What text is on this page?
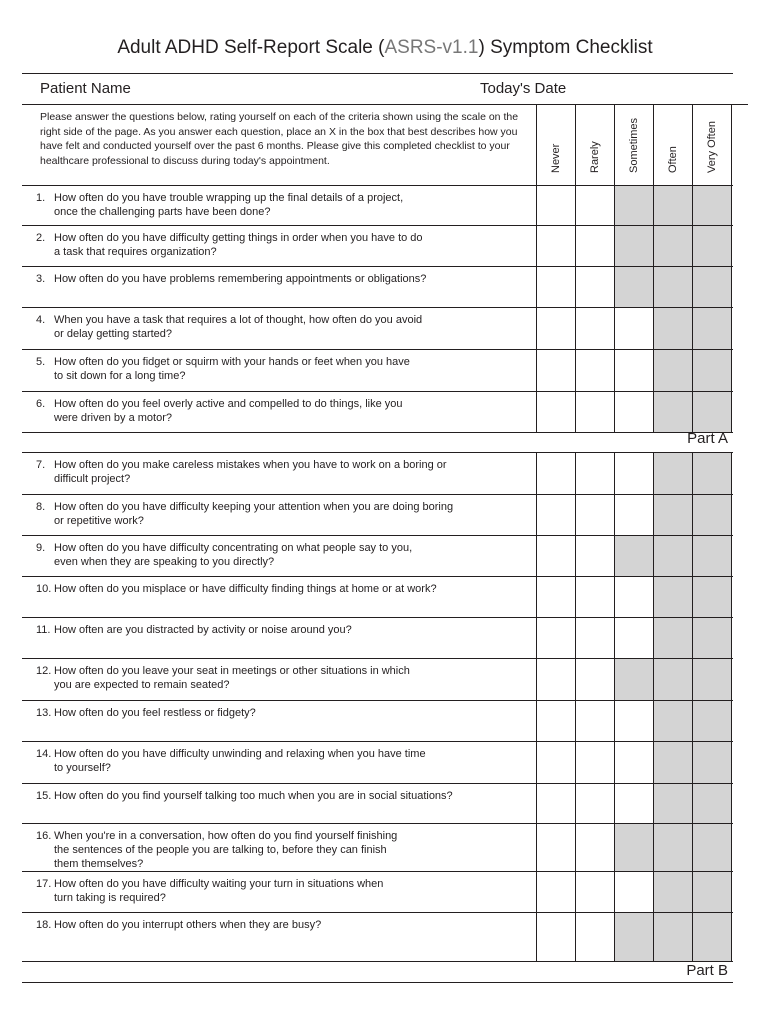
Adult ADHD Self-Report Scale (ASRS-v1.1) Symptom Checklist
Patient Name	Today's Date
Please answer the questions below, rating yourself on each of the criteria shown using the scale on the right side of the page. As you answer each question, place an X in the box that best describes how you have felt and conducted yourself over the past 6 months. Please give this completed checklist to your healthcare professional to discuss during today's appointment.	Never Rarely Sometimes Often Very Often
1. How often do you have trouble wrapping up the final details of a project,
once the challenging parts have been done?
2. How often do you have difficulty getting things in order when you have to do
a task that requires organization?
3. How often do you have problems remembering appointments or obligations?
4. When you have a task that requires a lot of thought, how often do you avoid
or delay getting started?
5. How often do you fidget or squirm with your hands or feet when you have
to sit down for a long time?
6. How often do you feel overly active and compelled to do things, like you
were driven by a motor?
7. How often do you make careless mistakes when you have to work on a boring or
difficult project?
8. How often do you have difficulty keeping your attention when you are doing boring
or repetitive work?
9. How often do you have difficulty concentrating on what people say to you,
even when they are speaking to you directly?
10. How often do you misplace or have difficulty finding things at home or at work?
11. How often are you distracted by activity or noise around you?
12. How often do you leave your seat in meetings or other situations in which
you are expected to remain seated?
13. How often do you feel restless or fidgety?
14. How often do you have difficulty unwinding and relaxing when you have time
to yourself?
15. How often do you find yourself talking too much when you are in social situations?
16. When you're in a conversation, how often do you find yourself finishing
the sentences of the people you are talking to, before they can finish
them themselves?
17. How often do you have difficulty waiting your turn in situations when
turn taking is required?
18. How often do you interrupt others when they are busy?
Part A
Part B
